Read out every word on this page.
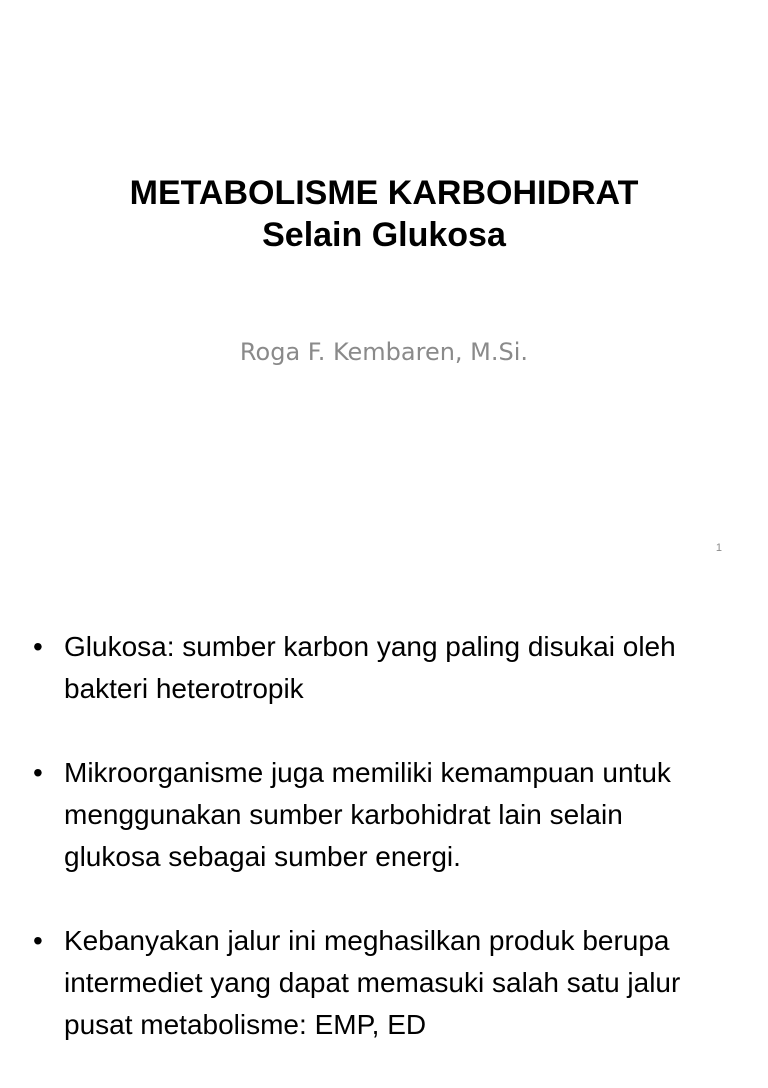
METABOLISME KARBOHIDRAT
Selain Glukosa
Roga F. Kembaren, M.Si.
1
• Glukosa: sumber karbon yang paling disukai oleh bakteri heterotropik
• Mikroorganisme juga memiliki kemampuan untuk menggunakan sumber karbohidrat lain selain glukosa sebagai sumber energi.
• Kebanyakan jalur ini meghasilkan produk berupa intermediet yang dapat memasuki salah satu jalur pusat metabolisme: EMP, ED
